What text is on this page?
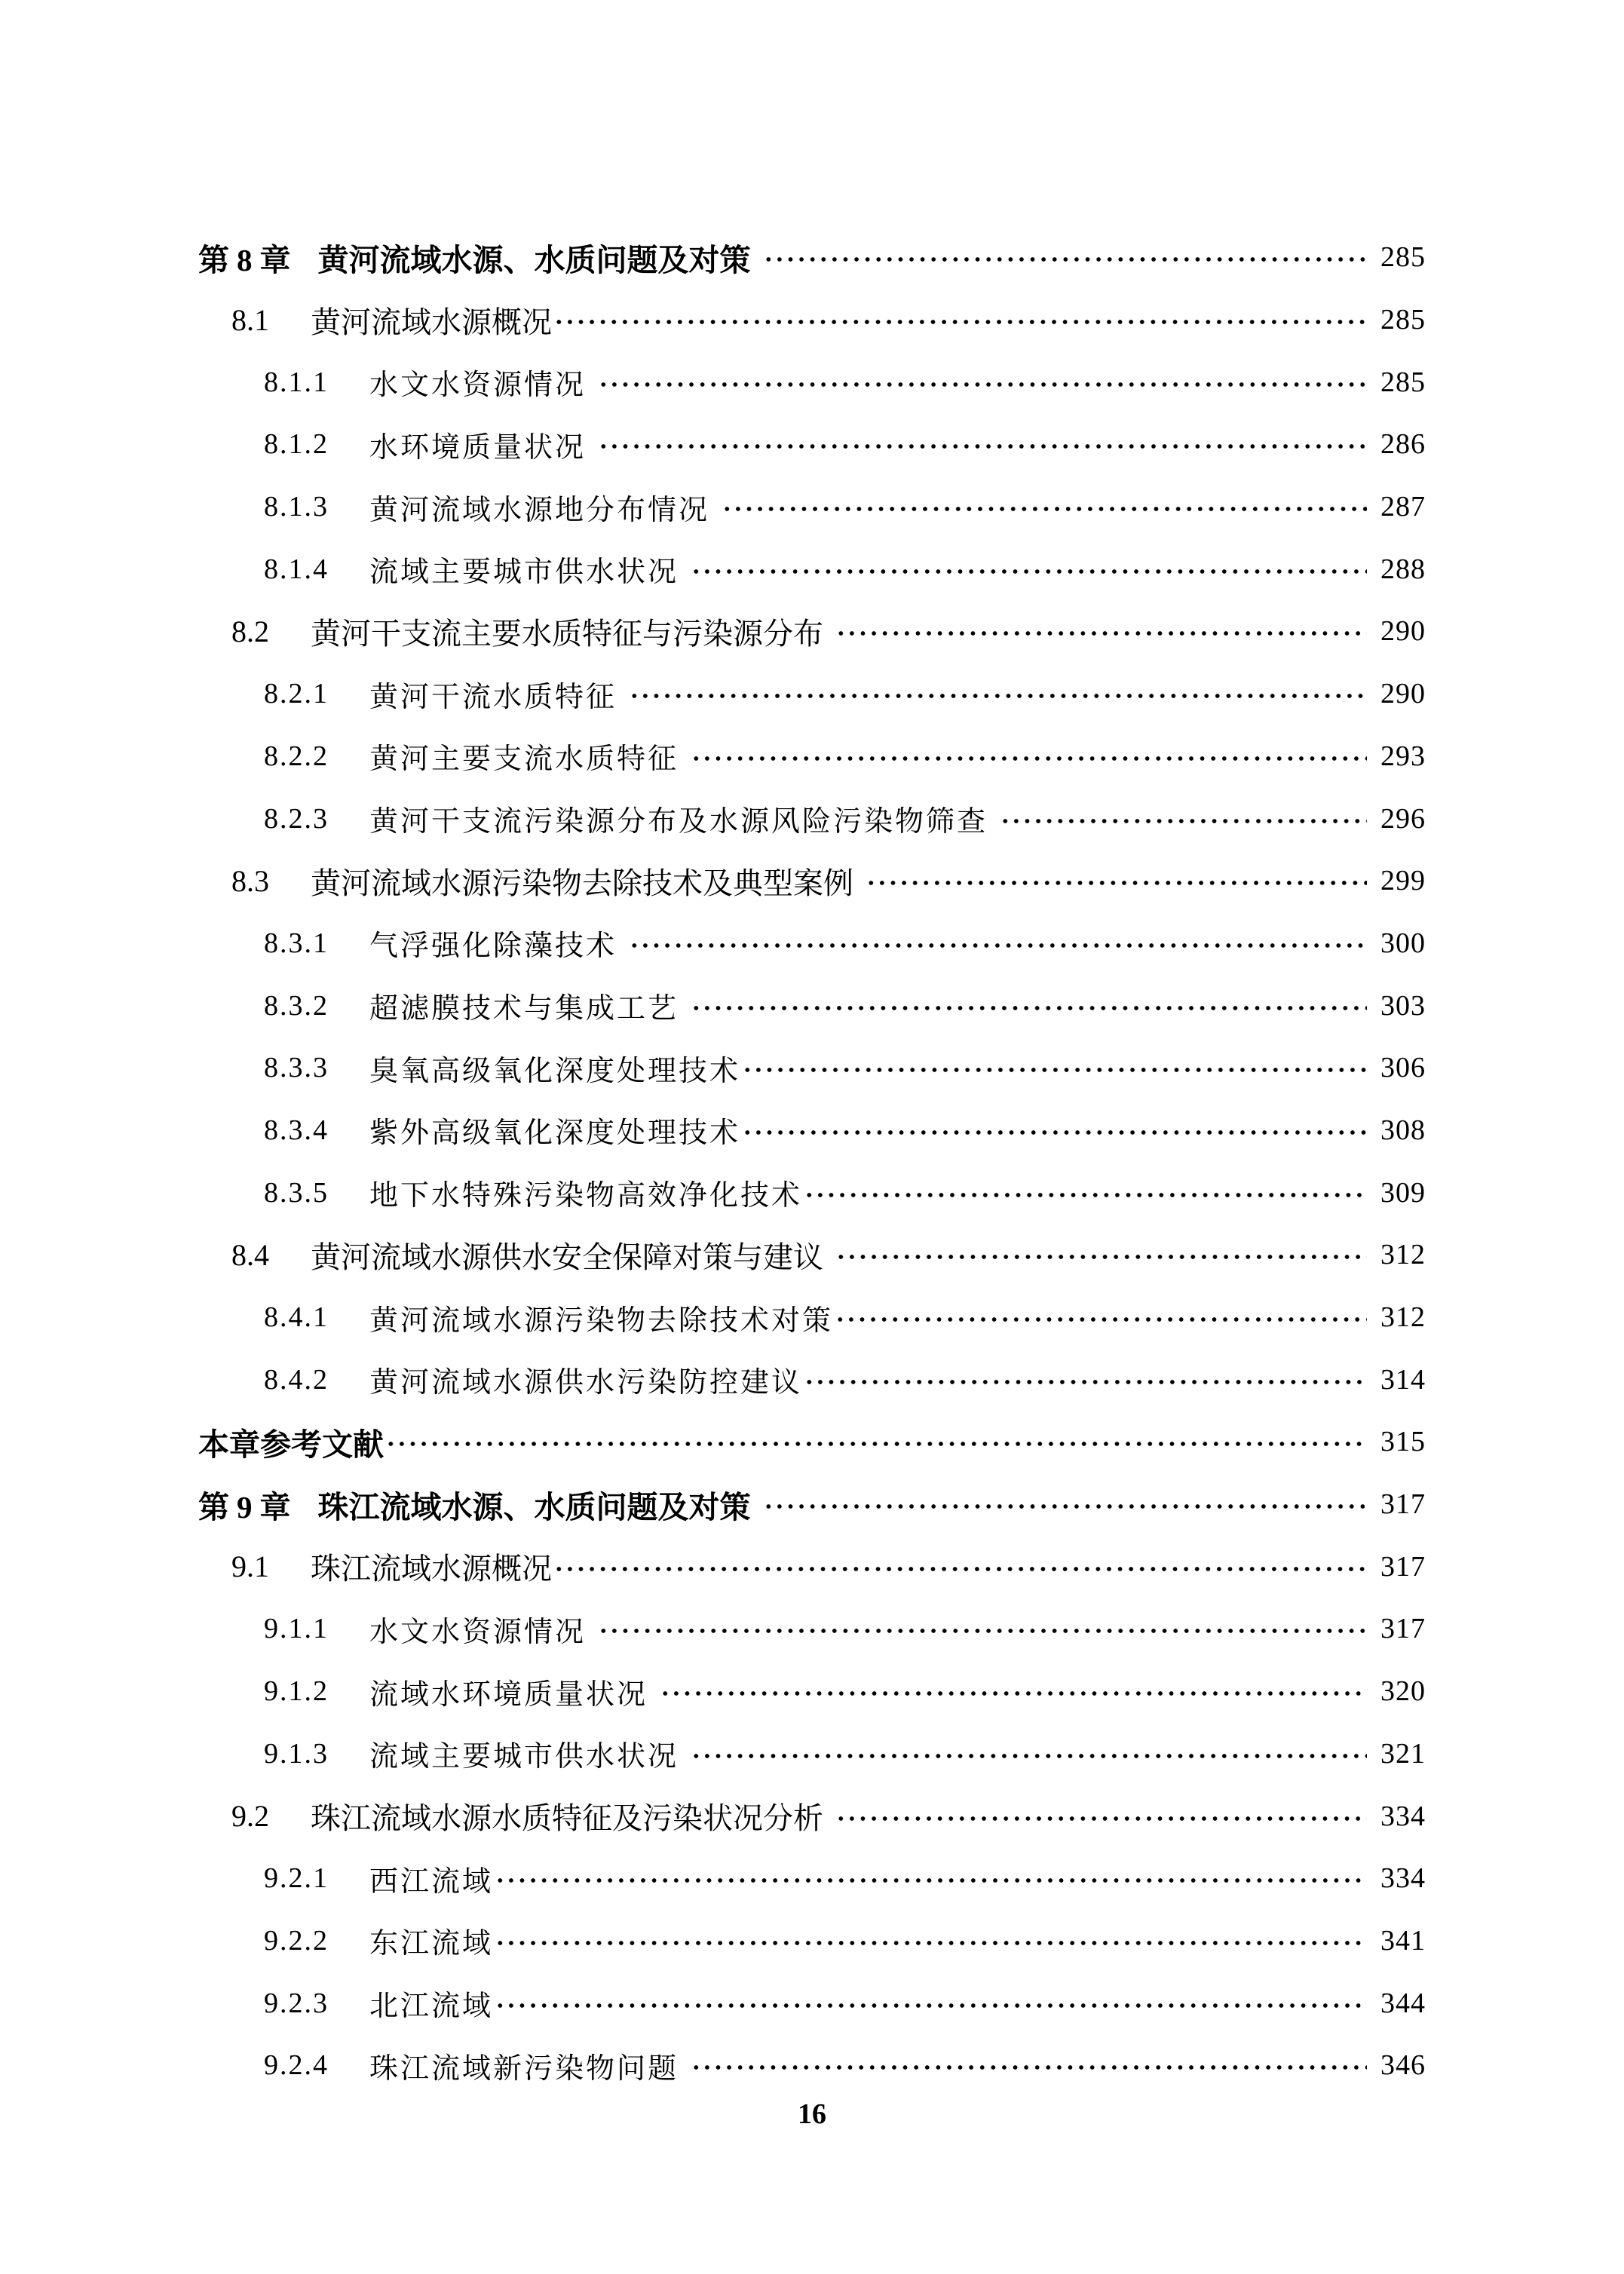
第 8 章 黄河流域水源、水质问题及对策	285
8.1	黄河流域水源概况	285
8.1.1	水文水资源情况	285
8.1.2	水环境质量状况	286
8.1.3	黄河流域水源地分布情况	287
8.1.4	流域主要城市供水状况	288
8.2	黄河干支流主要水质特征与污染源分布	290
8.2.1	黄河干流水质特征	290
8.2.2	黄河主要支流水质特征	293
8.2.3	黄河干支流污染源分布及水源风险污染物筛查	296
8.3	黄河流域水源污染物去除技术及典型案例	299
8.3.1	气浮强化除藻技术	300
8.3.2	超滤膜技术与集成工艺	303
8.3.3	臭氧高级氧化深度处理技术	306
8.3.4	紫外高级氧化深度处理技术	308
8.3.5	地下水特殊污染物高效净化技术	309
8.4	黄河流域水源供水安全保障对策与建议	312
8.4.1	黄河流域水源污染物去除技术对策	312
8.4.2	黄河流域水源供水污染防控建议	314
本章参考文献	315
第 9 章 珠江流域水源、水质问题及对策	317
9.1	珠江流域水源概况	317
9.1.1	水文水资源情况	317
9.1.2	流域水环境质量状况	320
9.1.3	流域主要城市供水状况	321
9.2	珠江流域水源水质特征及污染状况分析	334
9.2.1	西江流域	334
9.2.2	东江流域	341
9.2.3	北江流域	344
9.2.4	珠江流域新污染物问题	346
16
